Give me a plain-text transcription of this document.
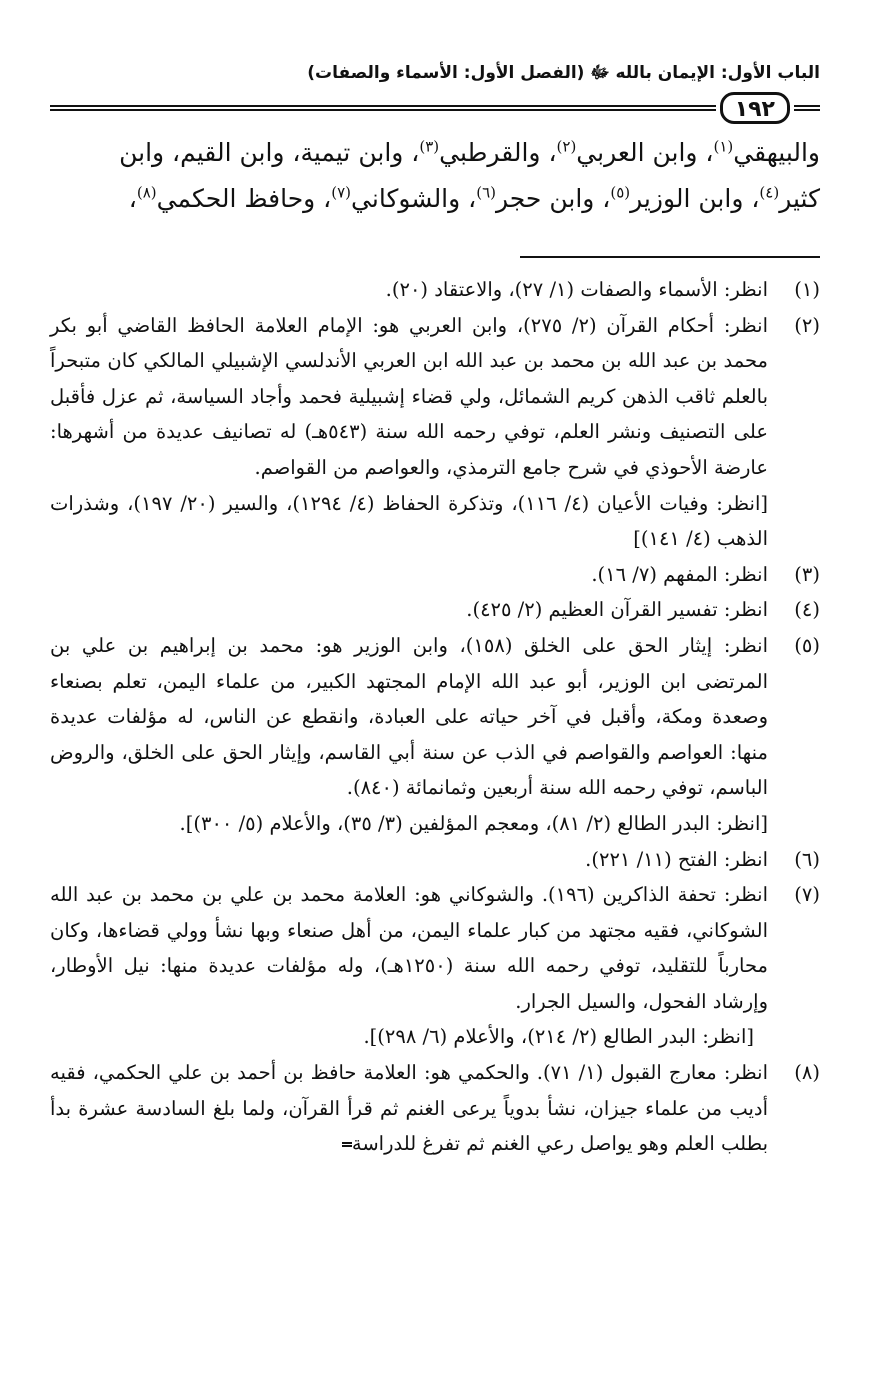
الباب الأول: الإيمان بالله ﷻ (الفصل الأول: الأسماء والصفات)
١٩٢
والبيهقي$^{(١)}$، وابن العربي$^{(٢)}$، والقرطبي$^{(٣)}$، وابن تيمية، وابن القيم، وابن
كثير$^{(٤)}$، وابن الوزير$^{(٥)}$، وابن حجر$^{(٦)}$، والشوكاني$^{(٧)}$، وحافظ الحكمي$^{(٨)}$،
(١)

انظر: الأسماء والصفات (١/ ٢٧)، والاعتقاد (٢٠).

(٢)

انظر: أحكام القرآن (٢/ ٢٧٥)، وابن العربي هو: الإمام العلامة الحافظ القاضي أبو بكر محمد بن عبد الله بن محمد بن عبد الله ابن العربي الأندلسي الإشبيلي المالكي كان متبحراً بالعلم ثاقب الذهن كريم الشمائل، ولي قضاء إشبيلية فحمد وأجاد السياسة، ثم عزل فأقبل على التصنيف ونشر العلم، توفي رحمه الله سنة (٥٤٣هـ) له تصانيف عديدة من أشهرها: عارضة الأحوذي في شرح جامع الترمذي، والعواصم من القواصم.

[انظر: وفيات الأعيان (٤/ ١١٦)، وتذكرة الحفاظ (٤/ ١٢٩٤)، والسير (٢٠/ ١٩٧)، وشذرات الذهب (٤/ ١٤١)]

(٣)

انظر: المفهم (٧/ ١٦).

(٤)

انظر: تفسير القرآن العظيم (٢/ ٤٢٥).

(٥)

انظر: إيثار الحق على الخلق (١٥٨)، وابن الوزير هو: محمد بن إبراهيم بن علي بن المرتضى ابن الوزير، أبو عبد الله الإمام المجتهد الكبير، من علماء اليمن، تعلم بصنعاء وصعدة ومكة، وأقبل في آخر حياته على العبادة، وانقطع عن الناس، له مؤلفات عديدة منها: العواصم والقواصم في الذب عن سنة أبي القاسم، وإيثار الحق على الخلق، والروض الباسم، توفي رحمه الله سنة أربعين وثمانمائة (٨٤٠).

[انظر: البدر الطالع (٢/ ٨١)، ومعجم المؤلفين (٣/ ٣٥)، والأعلام (٥/ ٣٠٠)].

(٦)

انظر: الفتح (١١/ ٢٢١).

(٧)

انظر: تحفة الذاكرين (١٩٦). والشوكاني هو: العلامة محمد بن علي بن محمد بن عبد الله الشوكاني، فقيه مجتهد من كبار علماء اليمن، من أهل صنعاء وبها نشأ وولي قضاءها، وكان محارباً للتقليد، توفي رحمه الله سنة (١٢٥٠هـ)، وله مؤلفات عديدة منها: نيل الأوطار، وإرشاد الفحول، والسيل الجرار.

[انظر: البدر الطالع (٢/ ٢١٤)، والأعلام (٦/ ٢٩٨)].

(٨)

انظر: معارج القبول (١/ ٧١). والحكمي هو: العلامة حافظ بن أحمد بن علي الحكمي، فقيه أديب من علماء جيزان، نشأ بدوياً يرعى الغنم ثم قرأ القرآن، ولما بلغ السادسة عشرة بدأ بطلب العلم وهو يواصل رعي الغنم ثم تفرغ للدراسة
